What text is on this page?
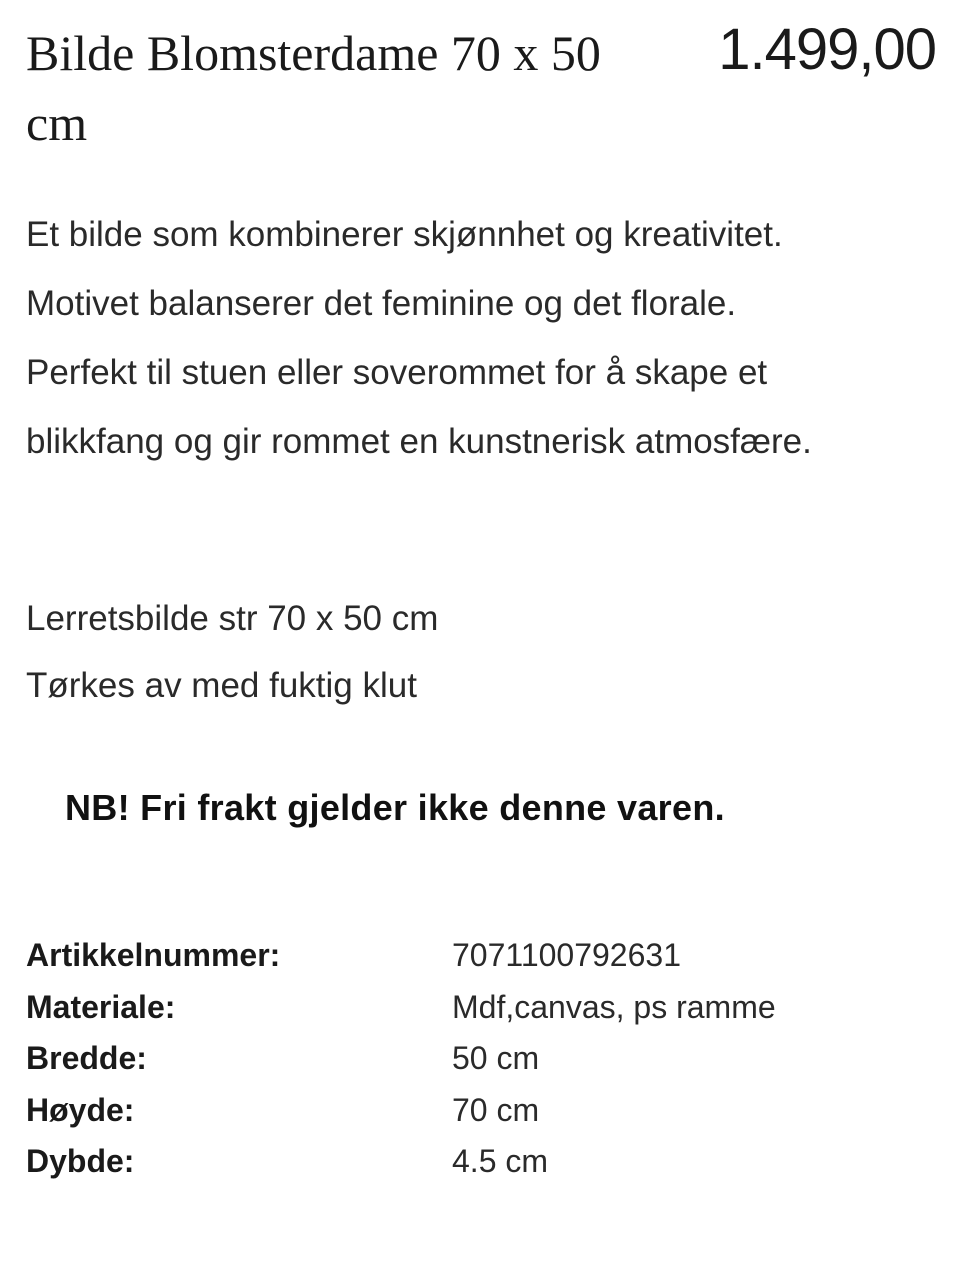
Bilde Blomsterdame 70 x 50 cm
1.499,00
Et bilde som kombinerer skjønnhet og kreativitet.
Motivet balanserer det feminine og det florale.
Perfekt til stuen eller soverommet for å skape et
blikkfang og gir rommet en kunstnerisk atmosfære.
Lerretsbilde str 70 x 50 cm
Tørkes av med fuktig klut
NB! Fri frakt gjelder ikke denne varen.
Artikkelnummer:	7071100792631
Materiale:	Mdf,canvas, ps ramme
Bredde:	50 cm
Høyde:	70 cm
Dybde:	4.5 cm
